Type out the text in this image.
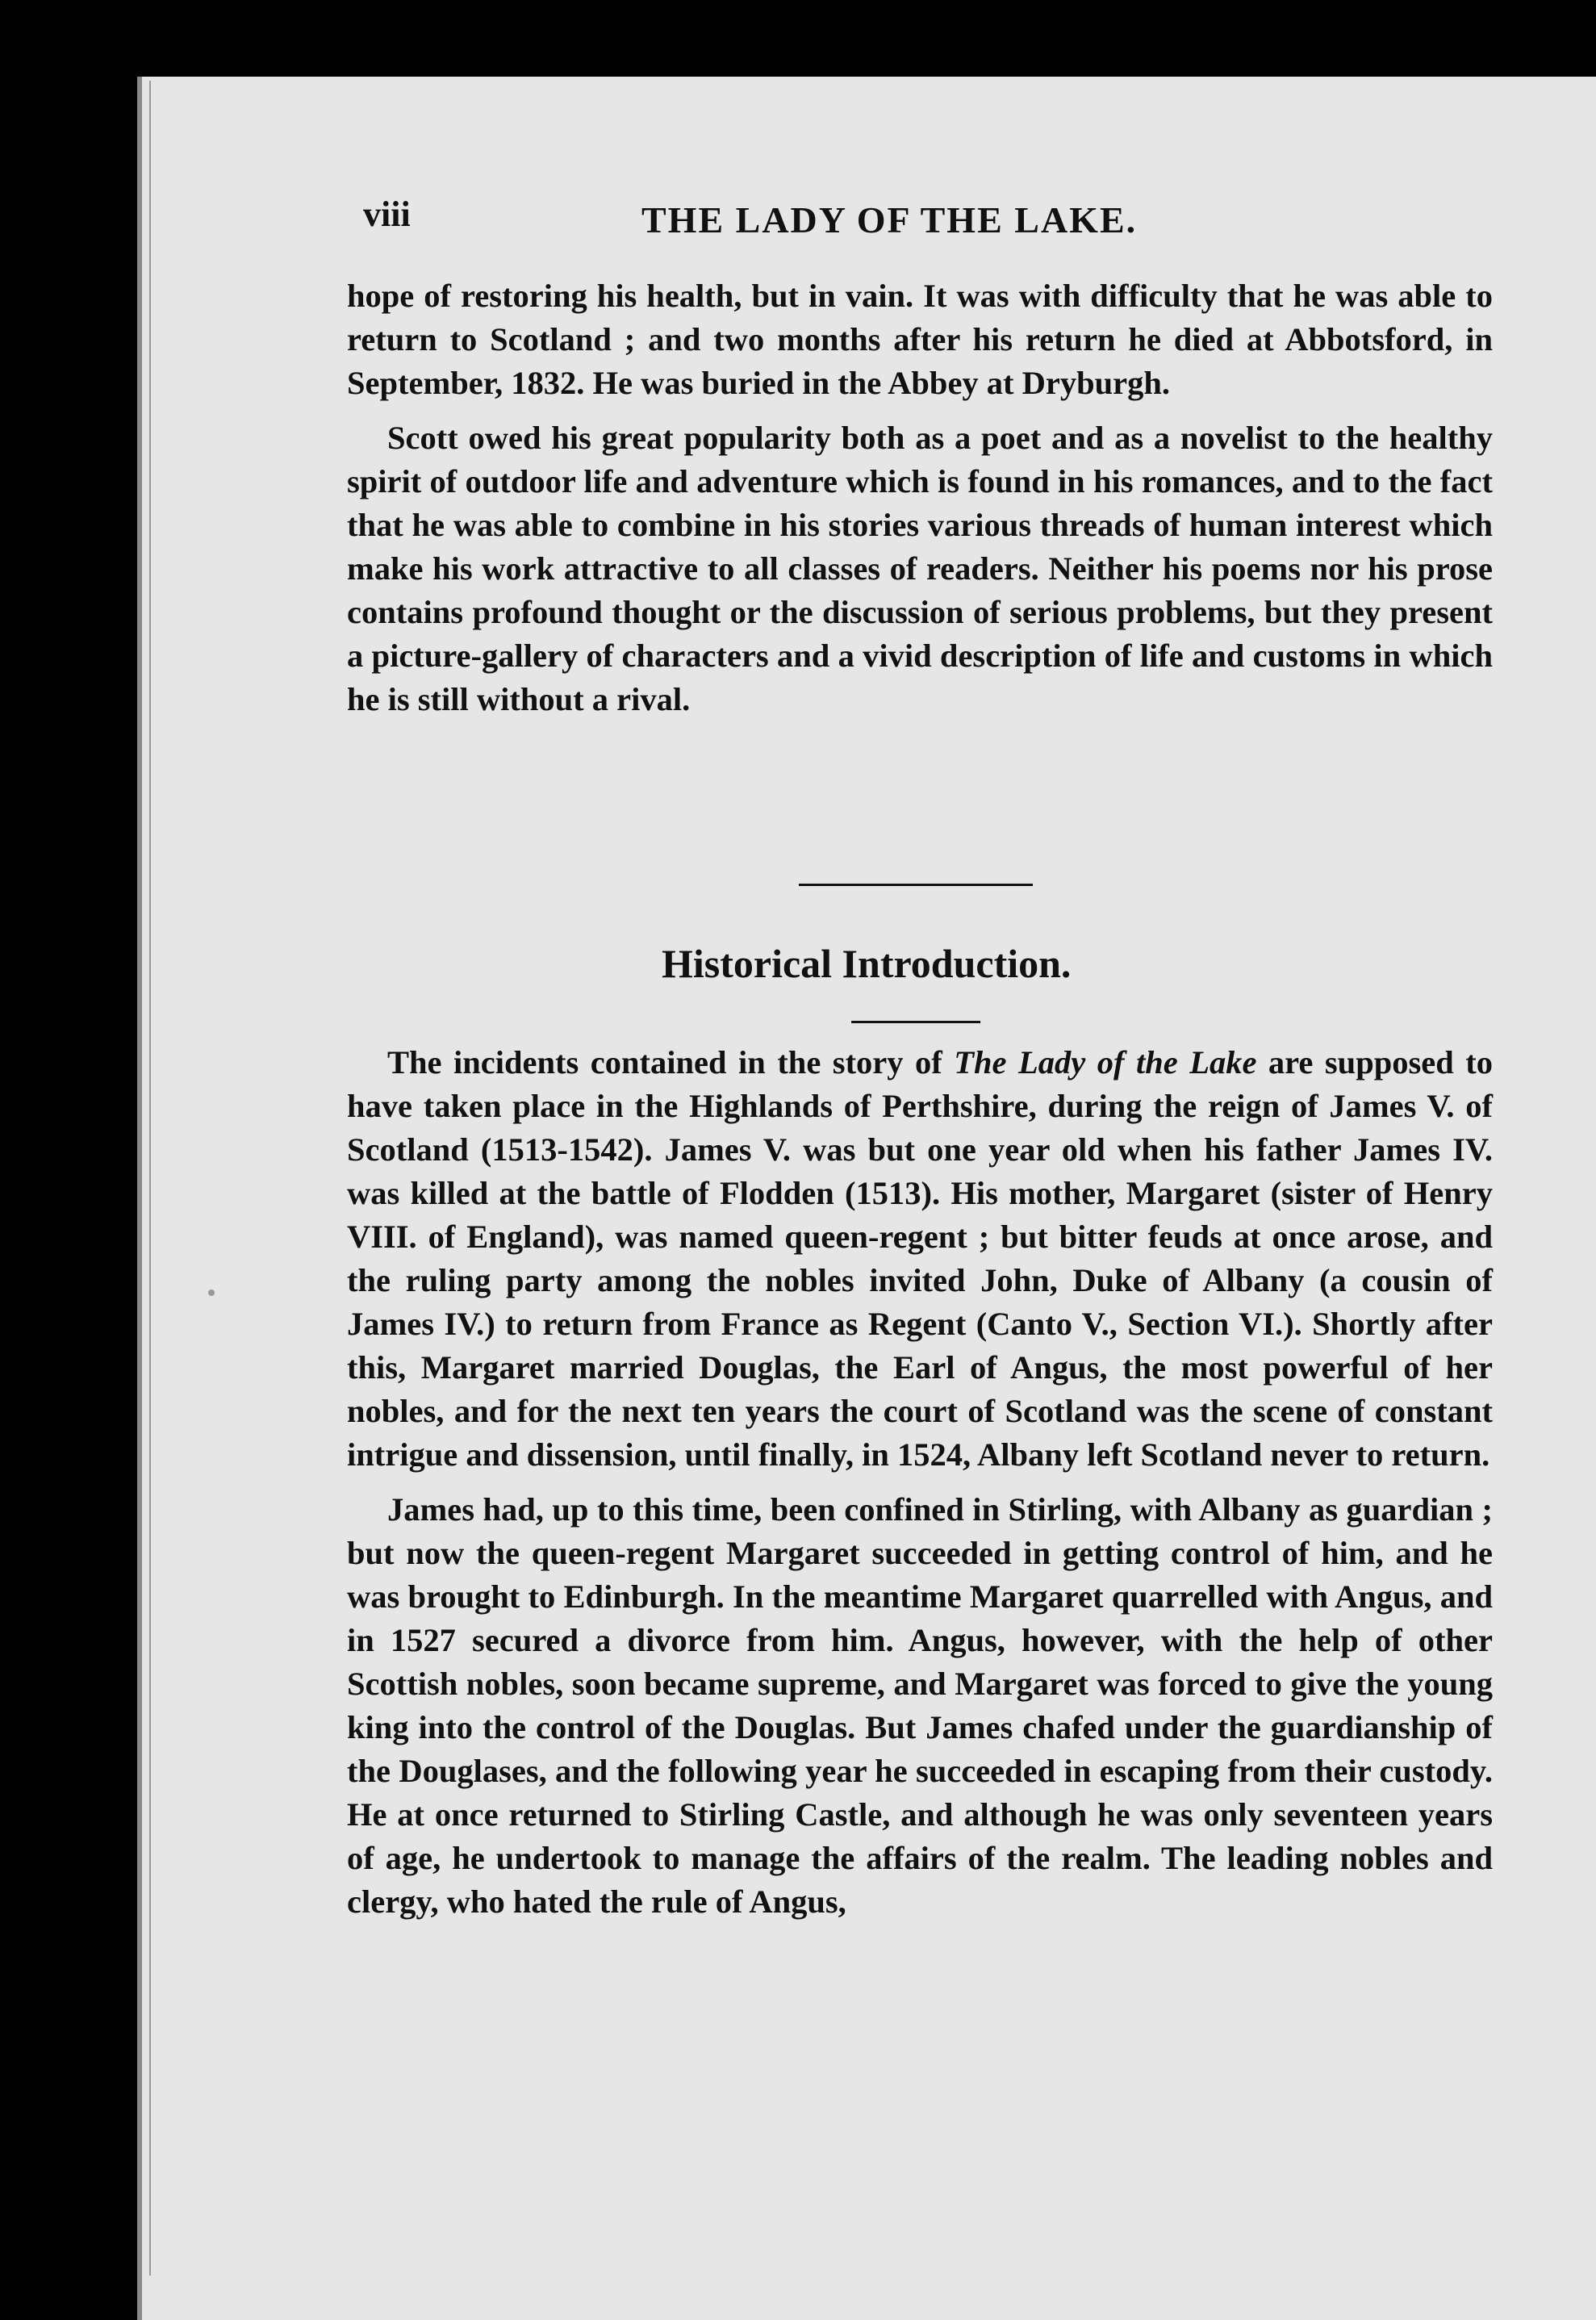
viii	THE LADY OF THE LAKE.

hope of restoring his health, but in vain. It was with difficulty that he was able to return to Scotland ; and two months after his return he died at Abbotsford, in September, 1832. He was buried in the Abbey at Dryburgh.

Scott owed his great popularity both as a poet and as a novelist to the healthy spirit of outdoor life and adventure which is found in his romances, and to the fact that he was able to combine in his stories various threads of human interest which make his work attractive to all classes of readers. Neither his poems nor his prose contains profound thought or the discussion of serious problems, but they present a picture-gallery of characters and a vivid description of life and customs in which he is still without a rival.

Historical Introduction.

The incidents contained in the story of The Lady of the Lake are supposed to have taken place in the Highlands of Perthshire, during the reign of James V. of Scotland (1513-1542). James V. was but one year old when his father James IV. was killed at the battle of Flodden (1513). His mother, Margaret (sister of Henry VIII. of England), was named queen-regent ; but bitter feuds at once arose, and the ruling party among the nobles invited John, Duke of Albany (a cousin of James IV.) to return from France as Regent (Canto V., Section VI.). Shortly after this, Margaret married Douglas, the Earl of Angus, the most powerful of her nobles, and for the next ten years the court of Scotland was the scene of constant intrigue and dissension, until finally, in 1524, Albany left Scotland never to return.

James had, up to this time, been confined in Stirling, with Albany as guardian ; but now the queen-regent Margaret succeeded in getting control of him, and he was brought to Edinburgh. In the meantime Margaret quarrelled with Angus, and in 1527 secured a divorce from him. Angus, however, with the help of other Scottish nobles, soon became supreme, and Margaret was forced to give the young king into the control of the Douglas. But James chafed under the guardianship of the Douglases, and the following year he succeeded in escaping from their custody. He at once returned to Stirling Castle, and although he was only seventeen years of age, he undertook to manage the affairs of the realm. The leading nobles and clergy, who hated the rule of Angus,
